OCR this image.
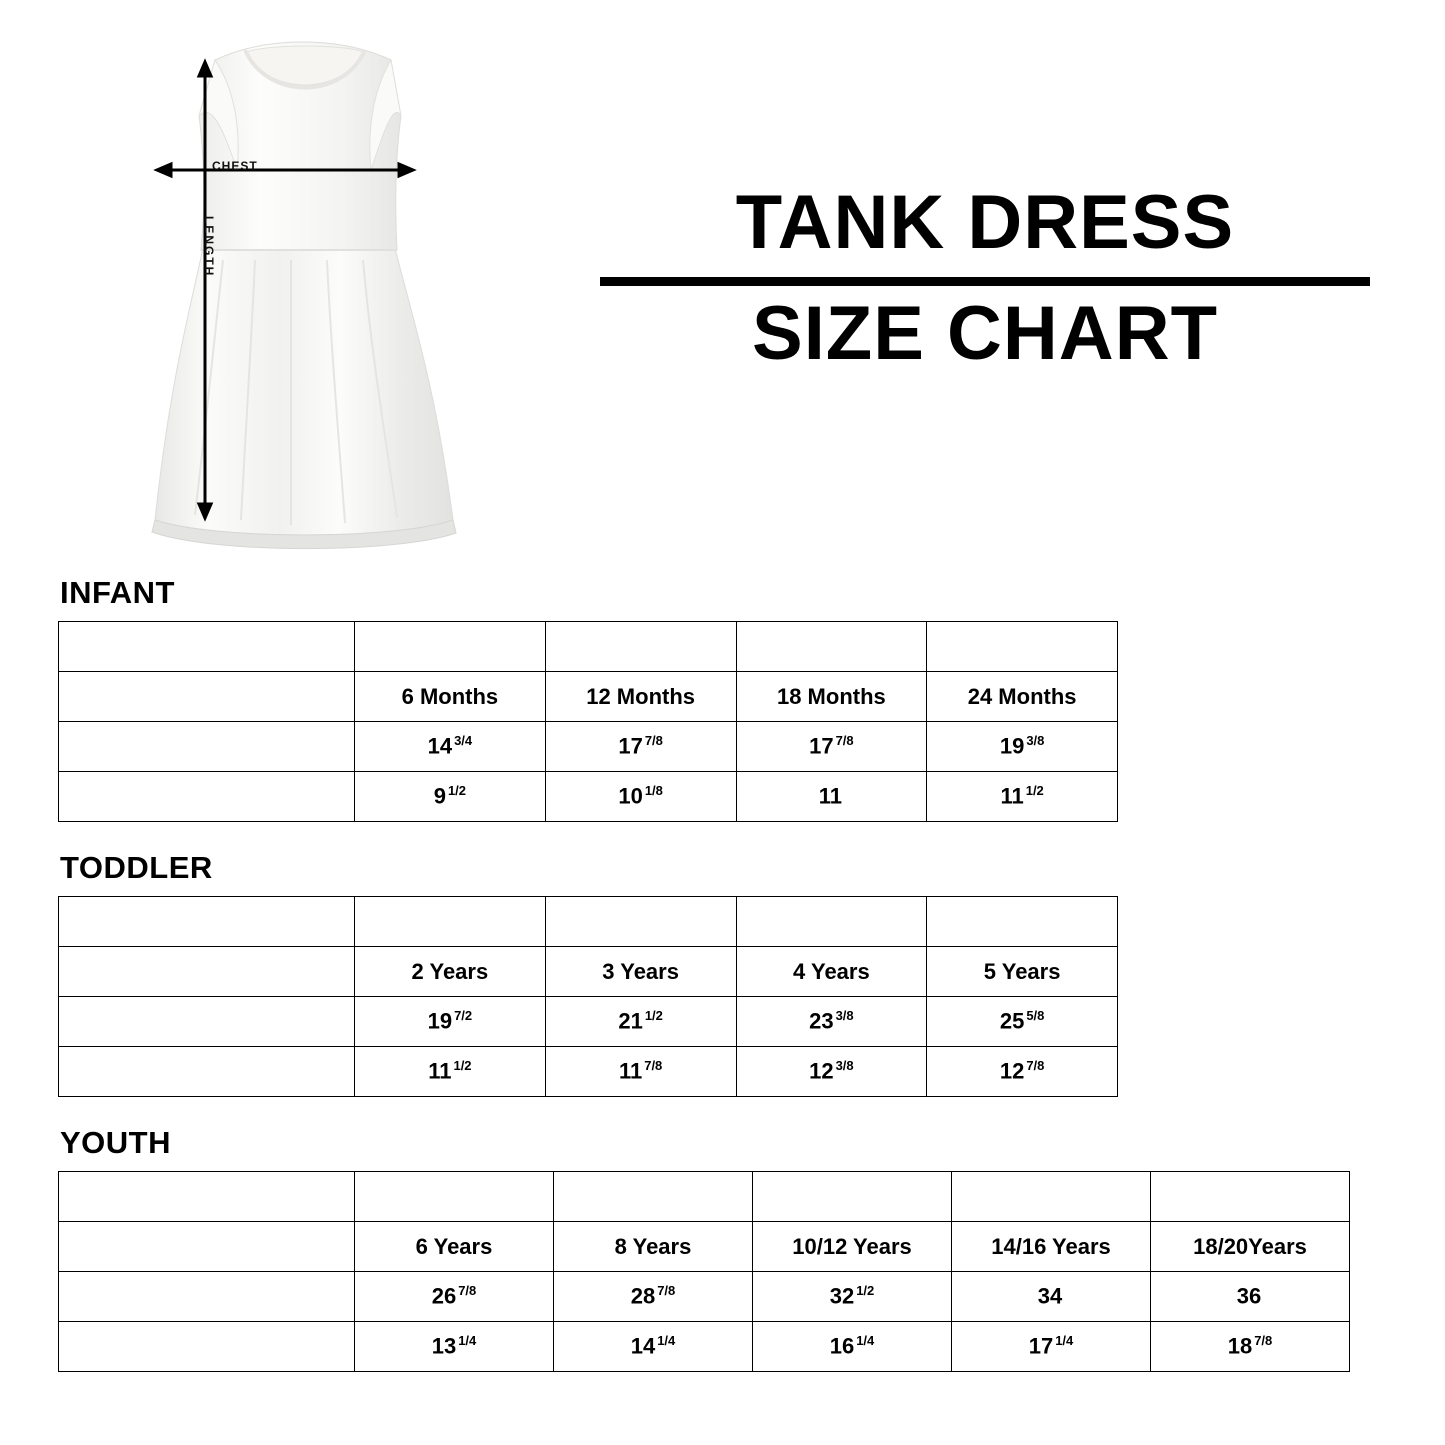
CHEST
LENGTH	TANK DRESS
SIZE CHART
INFANT
SIZE	6M	12M	18M	24M
AGE	6 Months	12 Months	18 Months	24 Months
LENGTH	14 $^{3/4}$	17 $^{7/8}$	17 $^{7/8}$	19 $^{3/8}$
INSEAM	9 $^{1/2}$	10 $^{1/8}$	11	11 $^{1/2}$
TODDLER
SIZE	2	3	4	5
AGE	2 Years	3 Years	4 Years	5 Years
LENGTH	19 $^{7/2}$	21 $^{1/2}$	23 $^{3/8}$	25 $^{5/8}$
INSEAM	11 $^{1/2}$	11 $^{7/8}$	12 $^{3/8}$	12 $^{7/8}$
YOUTH
SIZE	XS	S	M	L	XL
AGE	6 Years	8 Years	10/12 Years	14/16 Years	18/20Years
LENGTH	26 $^{7/8}$	28 $^{7/8}$	32 $^{1/2}$	34	36
INSEAM	13 $^{1/4}$	14 $^{1/4}$	16 $^{1/4}$	17 $^{1/4}$	18 $^{7/8}$
